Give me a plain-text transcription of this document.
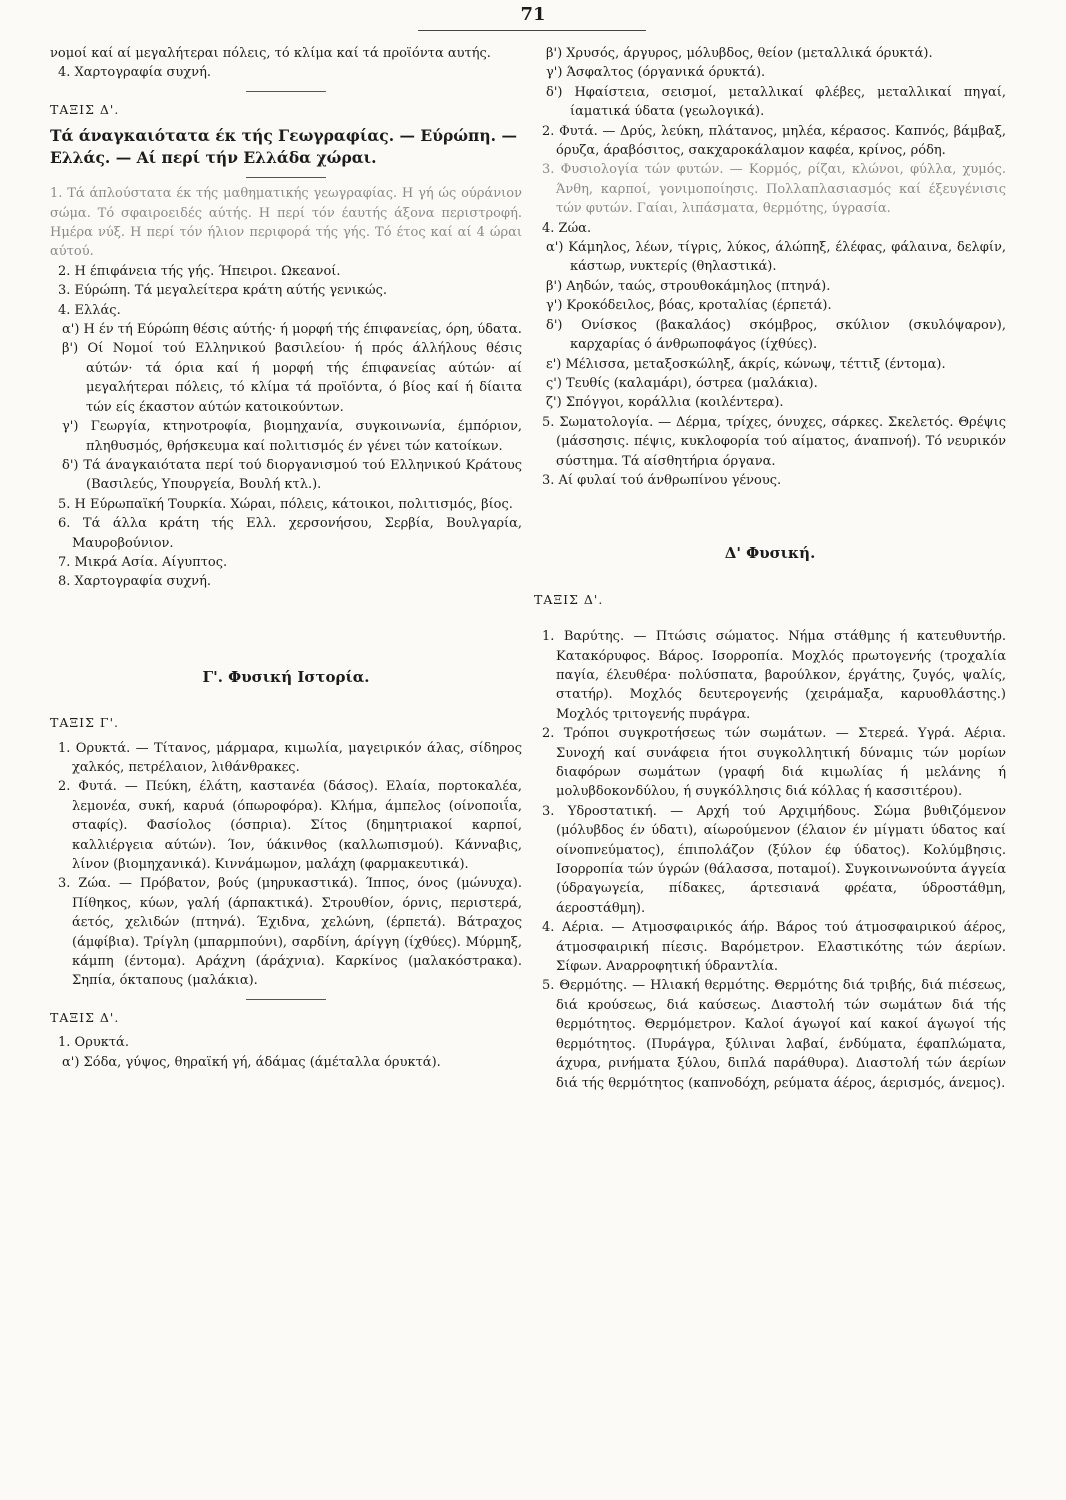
71

νομοί καί αί μεγαλήτεραι πόλεις, τό κλίμα καί τά προϊόντα αυτής.

4. Χαρτογραφία συχνή.

ΤΑΞΙΣ Δ'.

Τά άναγκαιότατα έκ τής Γεωγραφίας. — Εύρώπη. — Ελλάς. — Αί περί τήν Ελλάδα χώραι.

1. Τά άπλούστατα έκ τής μαθηματικής γεωγραφίας. Η γή ώς ούράνιον σώμα. Τό σφαιροειδές αύτής. Η περί τόν έαυτής άξονα περιστροφή. Ημέρα νύξ. Η περί τόν ήλιον περιφορά τής γής. Τό έτος καί αί 4 ώραι αύτού.

2. Η έπιφάνεια τής γής. Ήπειροι. Ωκεανοί.

3. Εύρώπη. Τά μεγαλείτερα κράτη αύτής γενικώς.

4. Ελλάς.

α') Η έν τή Εύρώπη θέσις αύτής· ή μορφή τής έπιφανείας, όρη, ύδατα.

β') Οί Νομοί τού Ελληνικού βασιλείου· ή πρός άλλήλους θέσις αύτών· τά όρια καί ή μορφή τής έπιφανείας αύτών· αί μεγαλήτεραι πόλεις, τό κλίμα τά προϊόντα, ό βίος καί ή δίαιτα τών είς έκαστον αύτών κατοικούντων.

γ') Γεωργία, κτηνοτροφία, βιομηχανία, συγκοινωνία, έμπόριον, πληθυσμός, θρήσκευμα καί πολιτισμός έν γένει τών κατοίκων.

δ') Τά άναγκαιότατα περί τού διοργανισμού τού Ελληνικού Κράτους (Βασιλεύς, Υπουργεία, Βουλή κτλ.).

5. Η Εύρωπαϊκή Τουρκία. Χώραι, πόλεις, κάτοικοι, πολιτισμός, βίος.

6. Τά άλλα κράτη τής Ελλ. χερσονήσου, Σερβία, Βουλγαρία, Μαυροβούνιον.

7. Μικρά Ασία. Αίγυπτος.

8. Χαρτογραφία συχνή.

Γ'. Φυσική Ιστορία.

ΤΑΞΙΣ Γ'.

1. Ορυκτά. — Τίτανος, μάρμαρα, κιμωλία, μαγειρικόν άλας, σίδηρος χαλκός, πετρέλαιον, λιθάνθρακες.

2. Φυτά. — Πεύκη, έλάτη, καστανέα (δάσος). Ελαία, πορτοκαλέα, λεμονέα, συκή, καρυά (όπωροφόρα). Κλήμα, άμπελος (οίνοποιΐα, σταφίς). Φασίολος (όσπρια). Σίτος (δημητριακοί καρποί, καλλιέργεια αύτών). Ίον, ύάκινθος (καλλωπισμού). Κάνναβις, λίνον (βιομηχανικά). Κιννάμωμον, μαλάχη (φαρμακευτικά).

3. Ζώα. — Πρόβατον, βούς (μηρυκαστικά). Ίππος, όνος (μώνυχα). Πίθηκος, κύων, γαλή (άρπακτικά). Στρουθίον, όρνις, περιστερά, άετός, χελιδών (πτηνά). Έχιδνα, χελώνη, (έρπετά). Βάτραχος (άμφίβια). Τρίγλη (μπαρμπούνι), σαρδίνη, άρίγγη (ίχθύες). Μύρμηξ, κάμπη (έντομα). Αράχνη (άράχνια). Καρκίνος (μαλακόστρακα). Σηπία, όκταπους (μαλάκια).

ΤΑΞΙΣ Δ'.

1. Ορυκτά.

α') Σόδα, γύψος, θηραϊκή γή, άδάμας (άμέταλλα όρυκτά).

β') Χρυσός, άργυρος, μόλυβδος, θείον (μεταλλικά όρυκτά).

γ') Άσφαλτος (όργανικά όρυκτά).

δ') Ηφαίστεια, σεισμοί, μεταλλικαί φλέβες, μεταλλικαί πηγαί, ίαματικά ύδατα (γεωλογικά).

2. Φυτά. — Δρύς, λεύκη, πλάτανος, μηλέα, κέρασος. Καπνός, βάμβαξ, όρυζα, άραβόσιτος, σακχαροκάλαμον καφέα, κρίνος, ρόδη.

3. Φυσιολογία τών φυτών. — Κορμός, ρίζαι, κλώνοι, φύλλα, χυμός. Άνθη, καρποί, γονιμοποίησις. Πολλαπλασιασμός καί έξευγένισις τών φυτών. Γαίαι, λιπάσματα, θερμότης, ύγρασία.

4. Ζώα.

α') Κάμηλος, λέων, τίγρις, λύκος, άλώπηξ, έλέφας, φάλαινα, δελφίν, κάστωρ, νυκτερίς (θηλαστικά).

β') Αηδών, ταώς, στρουθοκάμηλος (πτηνά).

γ') Κροκόδειλος, βόας, κροταλίας (έρπετά).

δ') Ονίσκος (βακαλάος) σκόμβρος, σκύλιον (σκυλόψαρον), καρχαρίας ό άνθρωποφάγος (ίχθύες).

ε') Μέλισσα, μεταξοσκώληξ, άκρίς, κώνωψ, τέττιξ (έντομα).

ς') Τευθίς (καλαμάρι), όστρεα (μαλάκια).

ζ') Σπόγγοι, κοράλλια (κοιλέντερα).

5. Σωματολογία. — Δέρμα, τρίχες, όνυχες, σάρκες. Σκελετός. Θρέψις (μάσσησις. πέψις, κυκλοφορία τού αίματος, άναπνοή). Τό νευρικόν σύστημα. Τά αίσθητήρια όργανα.

3. Αί φυλαί τού άνθρωπίνου γένους.

Δ' Φυσική.

ΤΑΞΙΣ Δ'.

1. Βαρύτης. — Πτώσις σώματος. Νήμα στάθμης ή κατευθυντήρ. Κατακόρυφος. Βάρος. Ισορροπία. Μοχλός πρωτογενής (τροχαλία παγία, έλευθέρα· πολύσπατα, βαρούλκον, έργάτης, ζυγός, ψαλίς, στατήρ). Μοχλός δευτερογενής (χειράμαξα, καρυοθλάστης.) Μοχλός τριτογενής πυράγρα.

2. Τρόποι συγκροτήσεως τών σωμάτων. — Στερεά. Υγρά. Αέρια. Συνοχή καί συνάφεια ήτοι συγκολλητική δύναμις τών μορίων διαφόρων σωμάτων (γραφή διά κιμωλίας ή μελάνης ή μολυβδοκονδύλου, ή συγκόλλησις διά κόλλας ή κασσιτέρου).

3. Υδροστατική. — Αρχή τού Αρχιμήδους. Σώμα βυθιζόμενον (μόλυβδος έν ύδατι), αίωρούμενον (έλαιον έν μίγματι ύδατος καί οίνοπνεύματος), έπιπολάζον (ξύλον έφ ύδατος). Κολύμβησις. Ισορροπία τών ύγρών (θάλασσα, ποταμοί). Συγκοινωνούντα άγγεία (ύδραγωγεία, πίδακες, άρτεσιανά φρέατα, ύδροστάθμη, άεροστάθμη).

4. Αέρια. — Ατμοσφαιρικός άήρ. Βάρος τού άτμοσφαιρικού άέρος, άτμοσφαιρική πίεσις. Βαρόμετρον. Ελαστικότης τών άερίων. Σίφων. Αναρροφητική ύδραντλία.

5. Θερμότης. — Ηλιακή θερμότης. Θερμότης διά τριβής, διά πιέσεως, διά κρούσεως, διά καύσεως. Διαστολή τών σωμάτων διά τής θερμότητος. Θερμόμετρον. Καλοί άγωγοί καί κακοί άγωγοί τής θερμότητος. (Πυράγρα, ξύλιναι λαβαί, ένδύματα, έφαπλώματα, άχυρα, ρινήματα ξύλου, διπλά παράθυρα). Διαστολή τών άερίων διά τής θερμότητος (καπνοδόχη, ρεύματα άέρος, άερισμός, άνεμος).
